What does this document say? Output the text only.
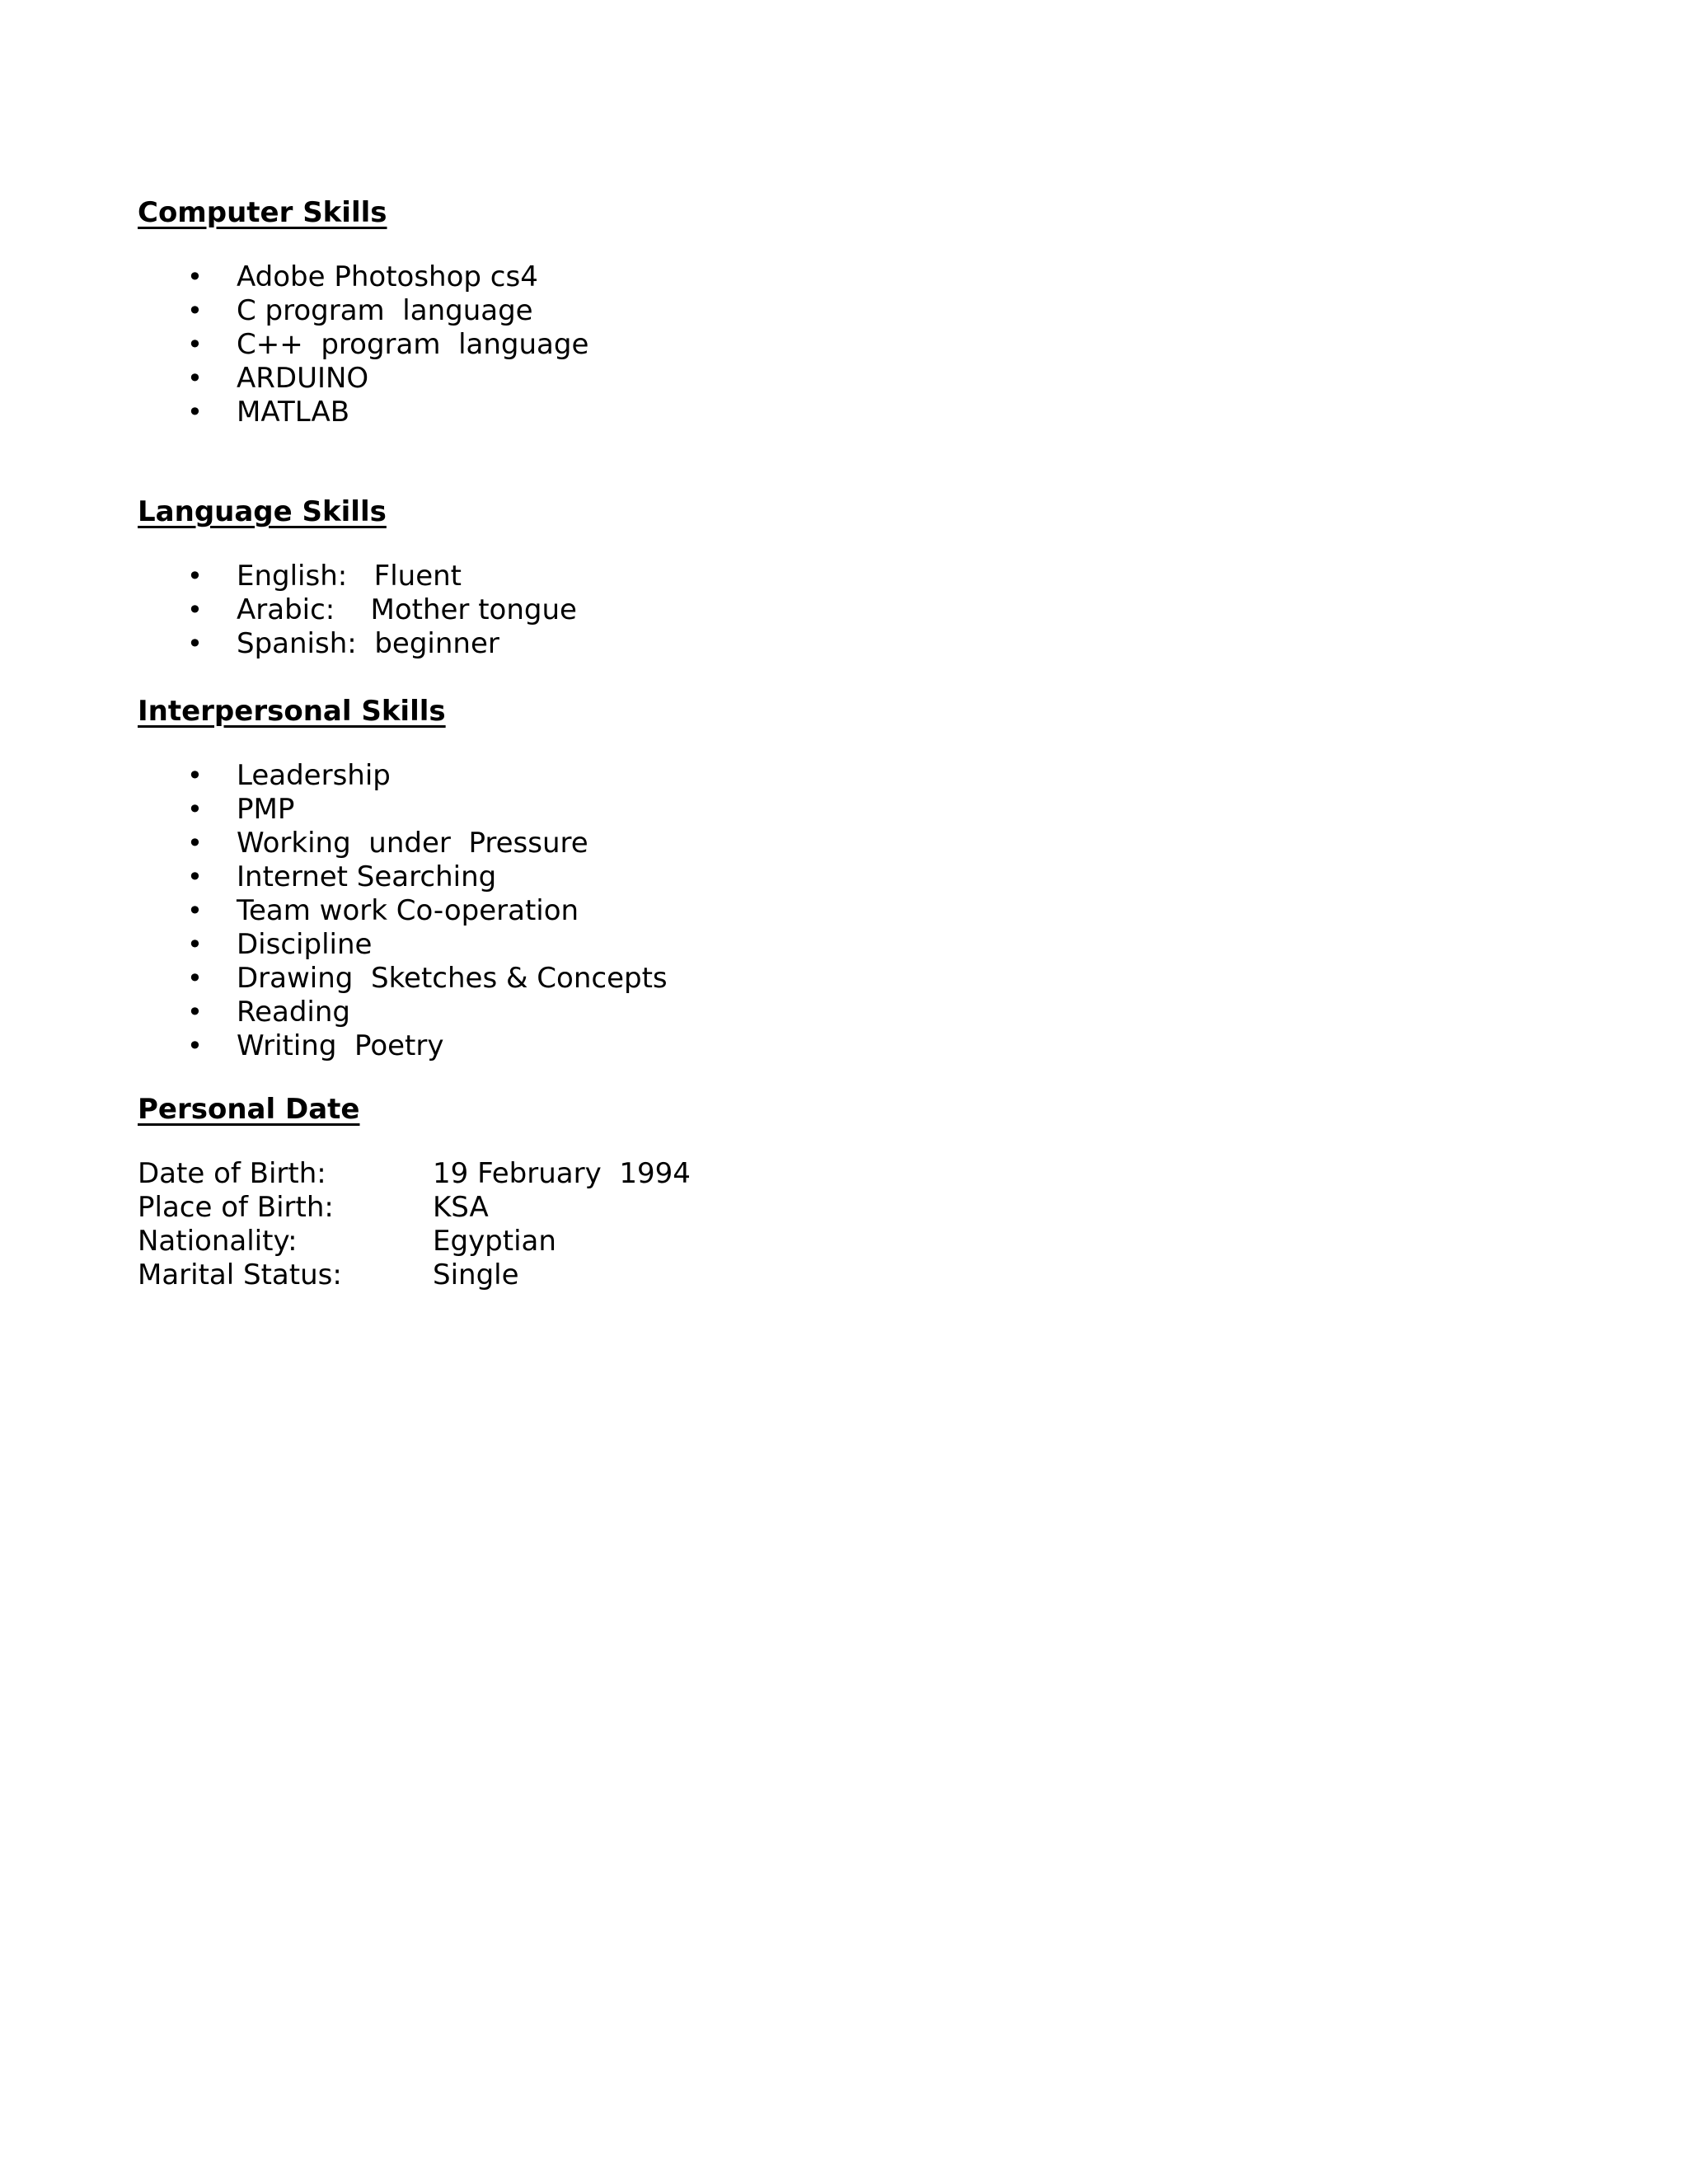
Computer Skills
• Adobe Photoshop cs4
• C program  language
• C++  program  language
• ARDUINO
• MATLAB
Language Skills
• English:   Fluent
• Arabic:    Mother tongue
• Spanish:  beginner
Interpersonal Skills
• Leadership
• PMP
• Working  under  Pressure
• Internet Searching
• Team work Co-operation
• Discipline
• Drawing  Sketches & Concepts
• Reading
• Writing  Poetry
Personal Date

Date of Birth:

	19 February  1994

Place of Birth:

	KSA

Nationality:

	Egyptian

Marital Status:

	Single
